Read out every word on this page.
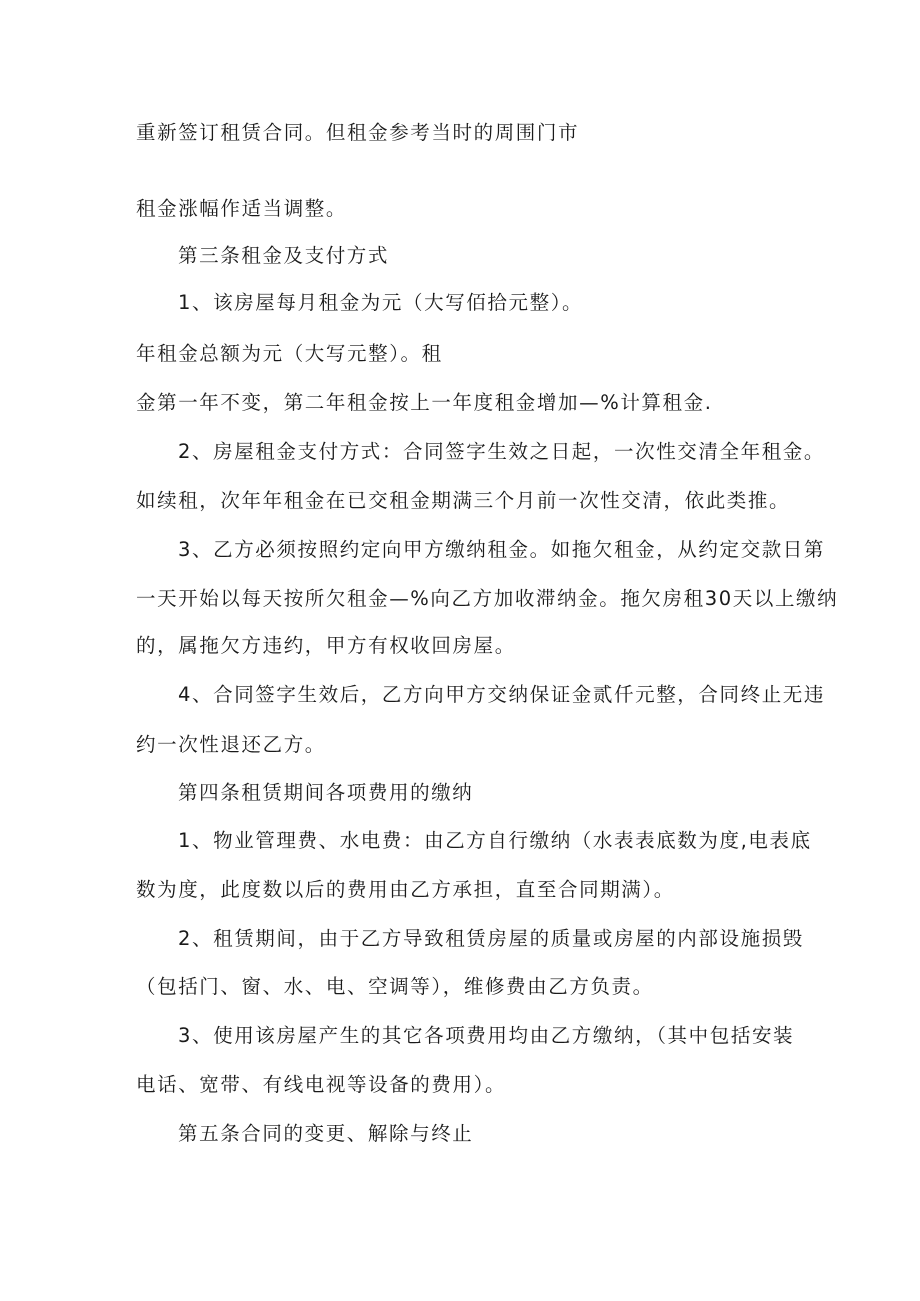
重新签订租赁合同。但租金参考当时的周围门市
租金涨幅作适当调整。
第三条租金及支付方式
1、该房屋每月租金为元（大写佰拾元整）。
年租金总额为元（大写元整）。租
金第一年不变，第二年租金按上一年度租金增加—%计算租金.
2、房屋租金支付方式：合同签字生效之日起，一次性交清全年租金。
如续租，次年年租金在已交租金期满三个月前一次性交清，依此类推。
3、乙方必须按照约定向甲方缴纳租金。如拖欠租金，从约定交款日第
一天开始以每天按所欠租金—%向乙方加收滞纳金。拖欠房租30天以上缴纳
的，属拖欠方违约，甲方有权收回房屋。
4、合同签字生效后，乙方向甲方交纳保证金贰仟元整，合同终止无违
约一次性退还乙方。
第四条租赁期间各项费用的缴纳
1、物业管理费、水电费：由乙方自行缴纳（水表表底数为度,电表底
数为度，此度数以后的费用由乙方承担，直至合同期满）。
2、租赁期间，由于乙方导致租赁房屋的质量或房屋的内部设施损毁
（包括门、窗、水、电、空调等），维修费由乙方负责。
3、使用该房屋产生的其它各项费用均由乙方缴纳，（其中包括安装
电话、宽带、有线电视等设备的费用）。
第五条合同的变更、解除与终止
